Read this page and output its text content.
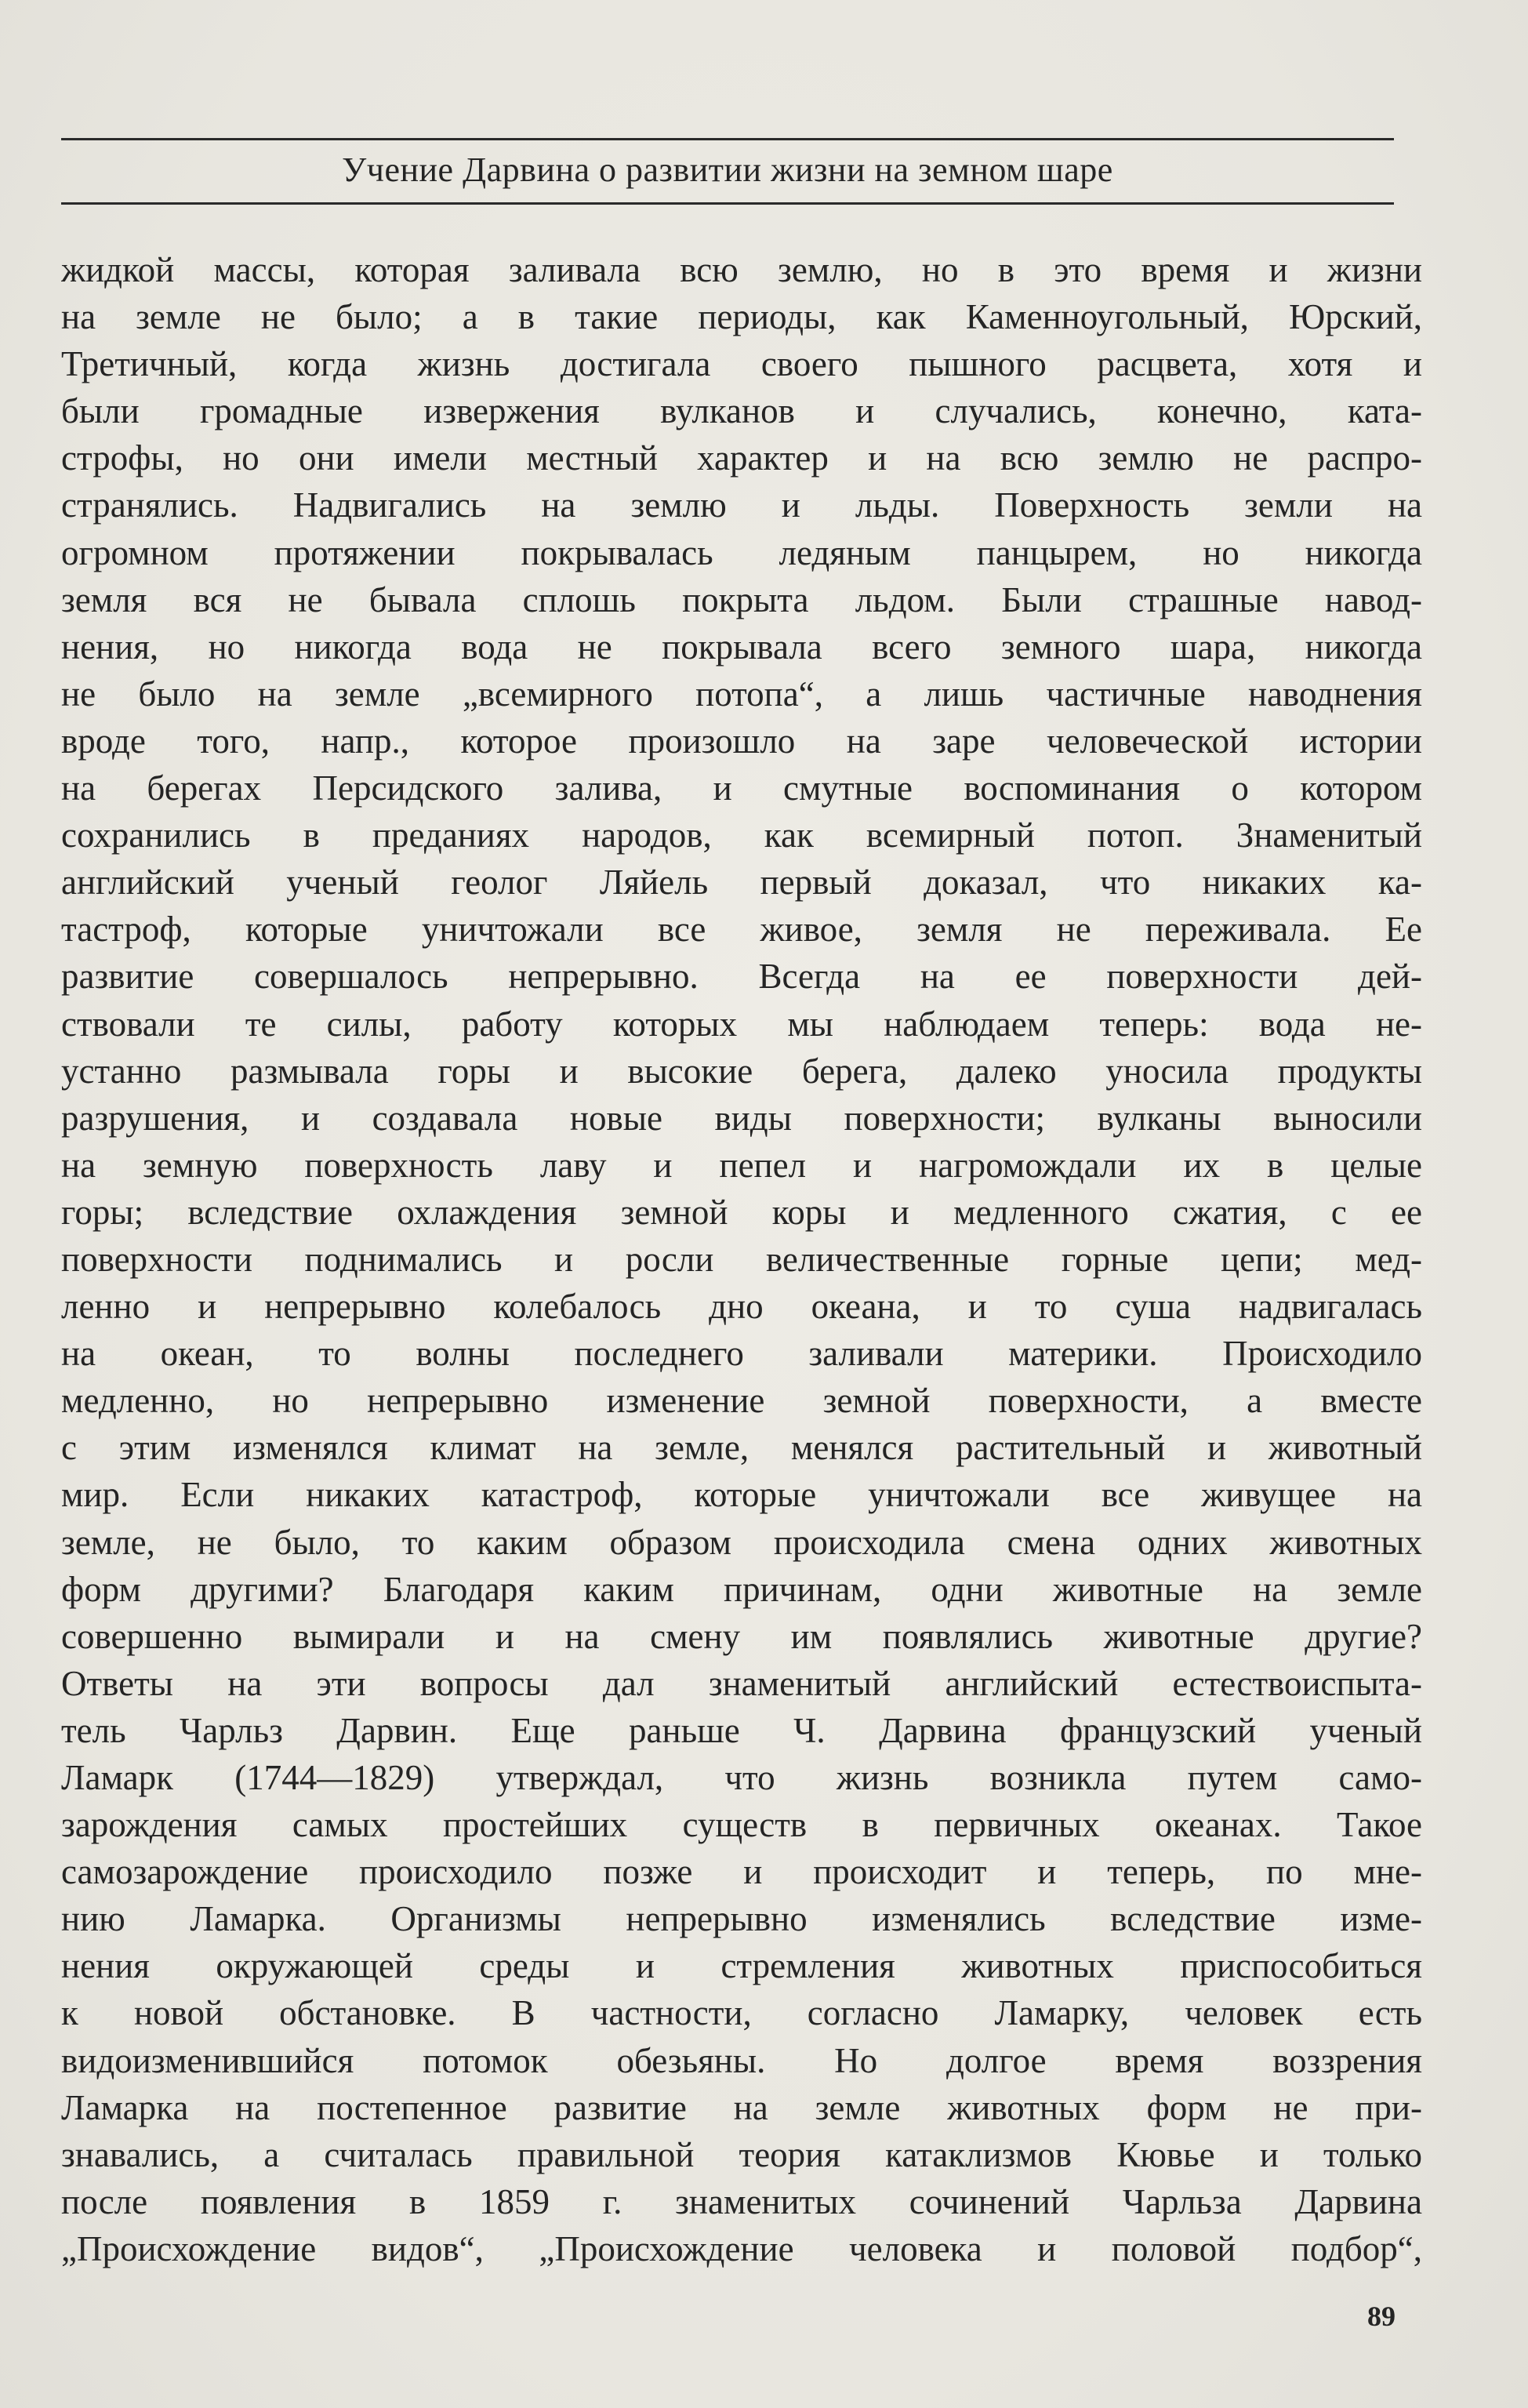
Учение Дарвина о развитии жизни на земном шаре
жидкой массы, которая заливала всю землю, но в это время и жизни
на земле не было; а в такие периоды, как Каменноугольный, Юрский,
Третичный, когда жизнь достигала своего пышного расцвета, хотя и
были громадные извержения вулканов и случались, конечно, ката-
строфы, но они имели местный характер и на всю землю не распро-
странялись. Надвигались на землю и льды. Поверхность земли на
огромном протяжении покрывалась ледяным панцырем, но никогда
земля вся не бывала сплошь покрыта льдом. Были страшные навод-
нения, но никогда вода не покрывала всего земного шара, никогда
не было на земле „всемирного потопа“, а лишь частичные наводнения
вроде того, напр., которое произошло на заре человеческой истории
на берегах Персидского залива, и смутные воспоминания о котором
сохранились в преданиях народов, как всемирный потоп. Знаменитый
английский ученый геолог Ляйель первый доказал, что никаких ка-
тастроф, которые уничтожали все живое, земля не переживала. Ее
развитие совершалось непрерывно. Всегда на ее поверхности дей-
ствовали те силы, работу которых мы наблюдаем теперь: вода не-
устанно размывала горы и высокие берега, далеко уносила продукты
разрушения, и создавала новые виды поверхности; вулканы выносили
на земную поверхность лаву и пепел и нагромождали их в целые
горы; вследствие охлаждения земной коры и медленного сжатия, с ее
поверхности поднимались и росли величественные горные цепи; мед-
ленно и непрерывно колебалось дно океана, и то суша надвигалась
на океан, то волны последнего заливали материки. Происходило
медленно, но непрерывно изменение земной поверхности, а вместе
с этим изменялся климат на земле, менялся растительный и животный
мир. Если никаких катастроф, которые уничтожали все живущее на
земле, не было, то каким образом происходила смена одних животных
форм другими? Благодаря каким причинам, одни животные на земле
совершенно вымирали и на смену им появлялись животные другие?
Ответы на эти вопросы дал знаменитый английский естествоиспыта-
тель Чарльз Дарвин. Еще раньше Ч. Дарвина французский ученый
Ламарк (1744—1829) утверждал, что жизнь возникла путем само-
зарождения самых простейших существ в первичных океанах. Такое
самозарождение происходило позже и происходит и теперь, по мне-
нию Ламарка. Организмы непрерывно изменялись вследствие изме-
нения окружающей среды и стремления животных приспособиться
к новой обстановке. В частности, согласно Ламарку, человек есть
видоизменившийся потомок обезьяны. Но долгое время воззрения
Ламарка на постепенное развитие на земле животных форм не при-
знавались, а считалась правильной теория катаклизмов Кювье и только
после появления в 1859 г. знаменитых сочинений Чарльза Дарвина
„Происхождение видов“, „Происхождение человека и половой подбор“,
89
